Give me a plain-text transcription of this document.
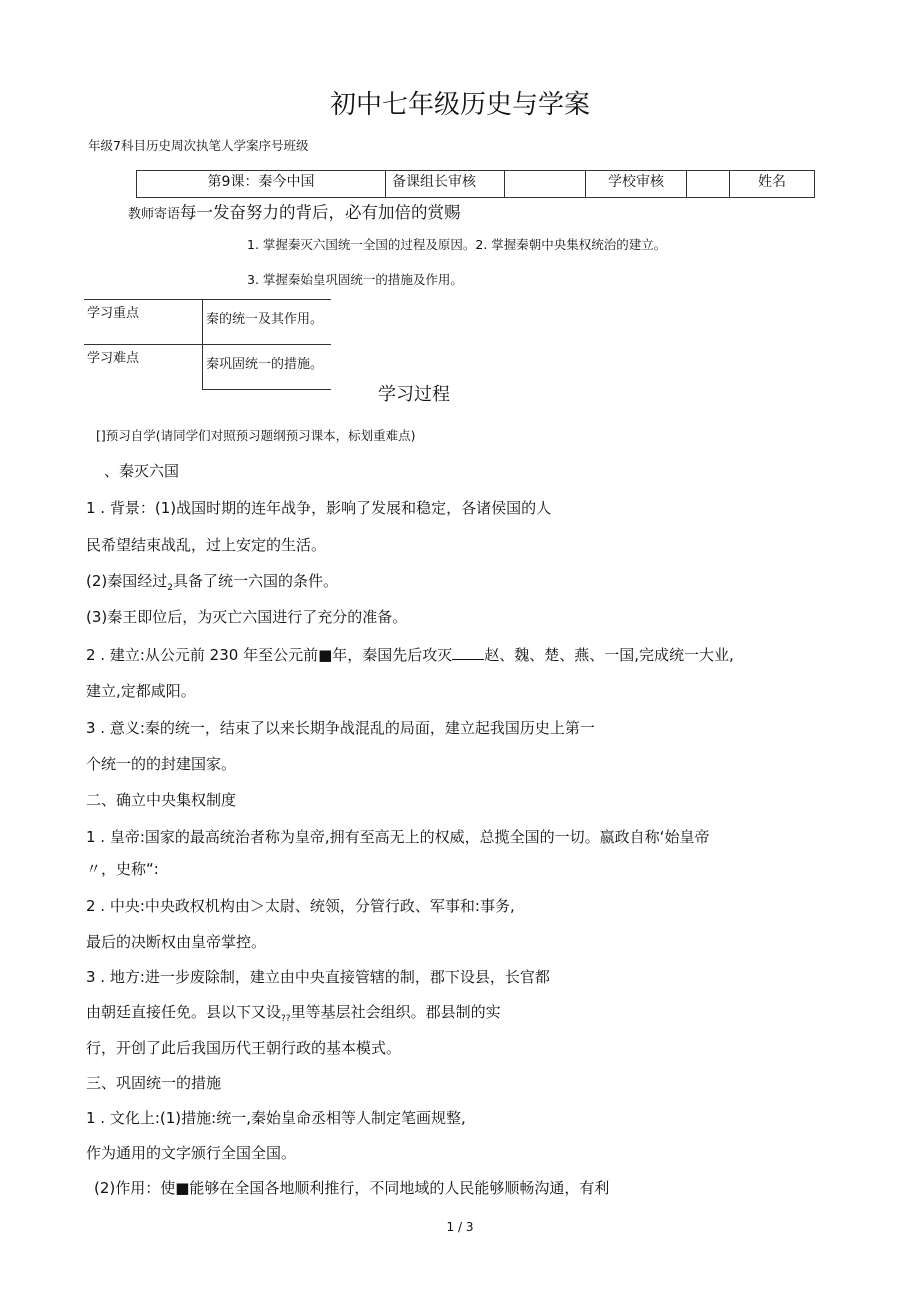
初中七年级历史与学案
年级7科目历史周次执笔人学案序号班级
第9课：秦今中国	备课组长审核		学校审核		姓名
教师寄语每一发奋努力的背后，必有加倍的赏赐
1. 掌握秦灭六国统一全国的过程及原因。2. 掌握秦朝中央集权统治的建立。
3. 掌握秦始皇巩固统一的措施及作用。
学习重点	秦的统一及其作用。
学习难点	秦巩固统一的措施。
学习过程
[]预习自学(请同学们对照预习题纲预习课本，标划重难点)
、秦灭六国
1 . 背景：(1)战国时期的连年战争，影响了发展和稳定，各诸侯国的人
民希望结束战乱，过上安定的生活。
(2)秦国经过$_2$具备了统一六国的条件。
(3)秦王即位后，为灭亡六国进行了充分的准备。
2 . 建立:从公元前 230 年至公元前■年，秦国先后攻灭 赵、魏、楚、燕、一国,完成统一大业,
建立,定都咸阳。
3 . 意义:秦的统一，结束了以来长期争战混乱的局面，建立起我国历史上第一
个统一的的封建国家。
二、确立中央集权制度
1 . 皇帝:国家的最高统治者称为皇帝,拥有至高无上的权威，总揽全国的一切。嬴政自称‘始皇帝
〃，史称“:
2 . 中央:中央政权机构由＞太尉、统领，分管行政、军事和:事务,
最后的决断权由皇帝掌控。
3 . 地方:进一步废除制，建立由中央直接管辖的制，郡下设县，长官都
由朝廷直接任免。县以下又设$_{??}$里等基层社会组织。郡县制的实
行，开创了此后我国历代王朝行政的基本模式。
三、巩固统一的措施
1 . 文化上:(1)措施:统一,秦始皇命丞相等人制定笔画规整,
作为通用的文字颁行全国全国。
(2)作用：使■能够在全国各地顺利推行，不同地域的人民能够顺畅沟通，有利
1 / 3
